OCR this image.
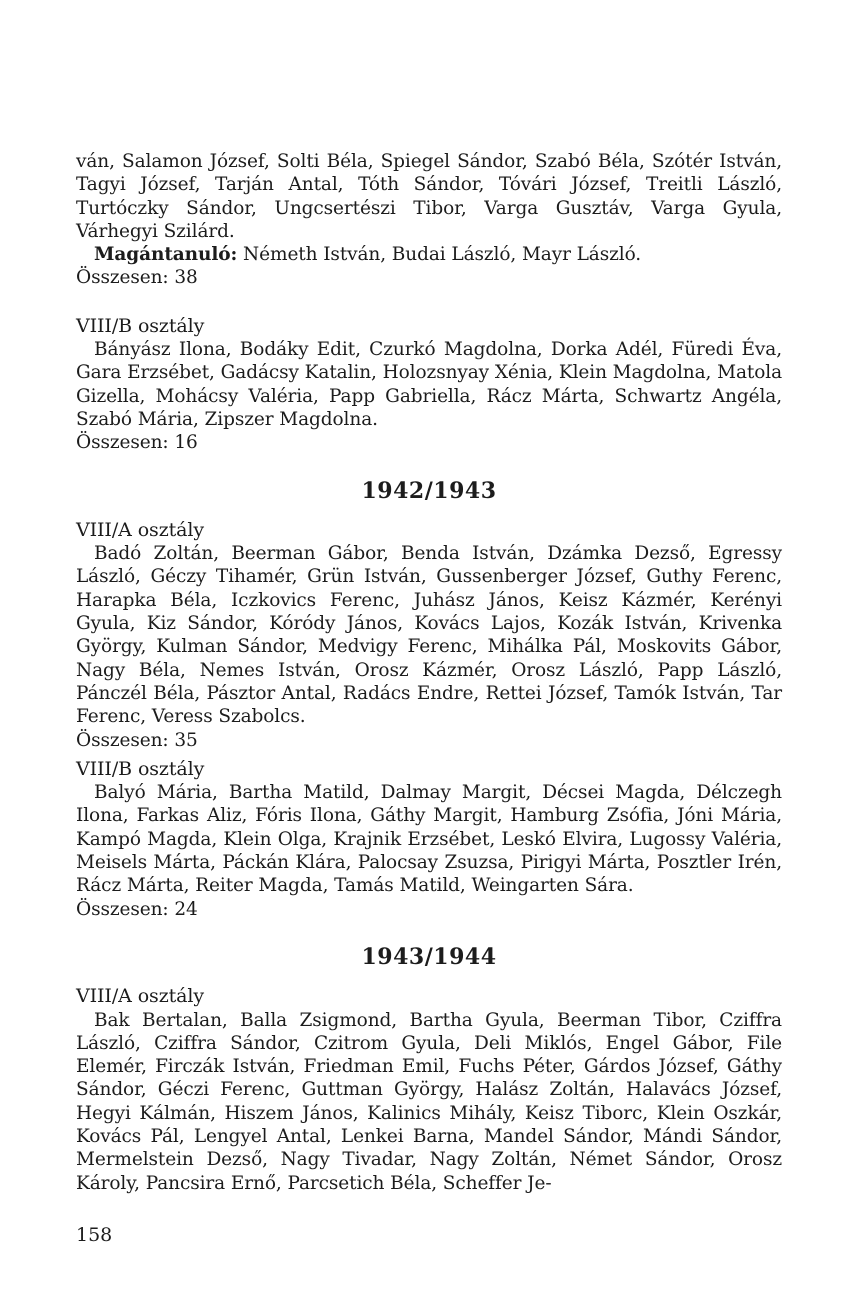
ván, Salamon József, Solti Béla, Spiegel Sándor, Szabó Béla, Szótér István, Tagyi József, Tarján Antal, Tóth Sándor, Tóvári József, Treitli László, Turtóczky Sándor, Ungcsertészi Tibor, Varga Gusztáv, Varga Gyula, Várhegyi Szilárd.

Magántanuló: Németh István, Budai László, Mayr László.

Összesen: 38

VIII/B osztály

Bányász Ilona, Bodáky Edit, Czurkó Magdolna, Dorka Adél, Füredi Éva, Gara Erzsébet, Gadácsy Katalin, Holozsnyay Xénia, Klein Magdolna, Matola Gizella, Mohácsy Valéria, Papp Gabriella, Rácz Márta, Schwartz Angéla, Szabó Mária, Zipszer Magdolna.

Összesen: 16

1942/1943

VIII/A osztály

Badó Zoltán, Beerman Gábor, Benda István, Dzámka Dezső, Egressy László, Géczy Tihamér, Grün István, Gussenberger József, Guthy Ferenc, Harapka Béla, Iczkovics Ferenc, Juhász János, Keisz Kázmér, Kerényi Gyula, Kiz Sándor, Kóródy János, Kovács Lajos, Kozák István, Krivenka György, Kulman Sándor, Medvigy Ferenc, Mihálka Pál, Moskovits Gábor, Nagy Béla, Nemes István, Orosz Kázmér, Orosz László, Papp László, Pánczél Béla, Pásztor Antal, Radács Endre, Rettei József, Tamók István, Tar Ferenc, Veress Szabolcs.

Összesen: 35

VIII/B osztály

Balyó Mária, Bartha Matild, Dalmay Margit, Décsei Magda, Délczegh Ilona, Farkas Aliz, Fóris Ilona, Gáthy Margit, Hamburg Zsófia, Jóni Mária, Kampó Magda, Klein Olga, Krajnik Erzsébet, Leskó Elvira, Lugossy Valéria, Meisels Márta, Páckán Klára, Palocsay Zsuzsa, Pirigyi Márta, Posztler Irén, Rácz Márta, Reiter Magda, Tamás Matild, Weingarten Sára.

Összesen: 24

1943/1944

VIII/A osztály

Bak Bertalan, Balla Zsigmond, Bartha Gyula, Beerman Tibor, Cziffra László, Cziffra Sándor, Czitrom Gyula, Deli Miklós, Engel Gábor, File Elemér, Firczák István, Friedman Emil, Fuchs Péter, Gárdos József, Gáthy Sándor, Géczi Ferenc, Guttman György, Halász Zoltán, Halavács József, Hegyi Kálmán, Hiszem János, Kalinics Mihály, Keisz Tiborc, Klein Oszkár, Kovács Pál, Lengyel Antal, Lenkei Barna, Mandel Sándor, Mándi Sándor, Mermelstein Dezső, Nagy Tivadar, Nagy Zoltán, Német Sándor, Orosz Károly, Pancsira Ernő, Parcsetich Béla, Scheffer Je-

158
